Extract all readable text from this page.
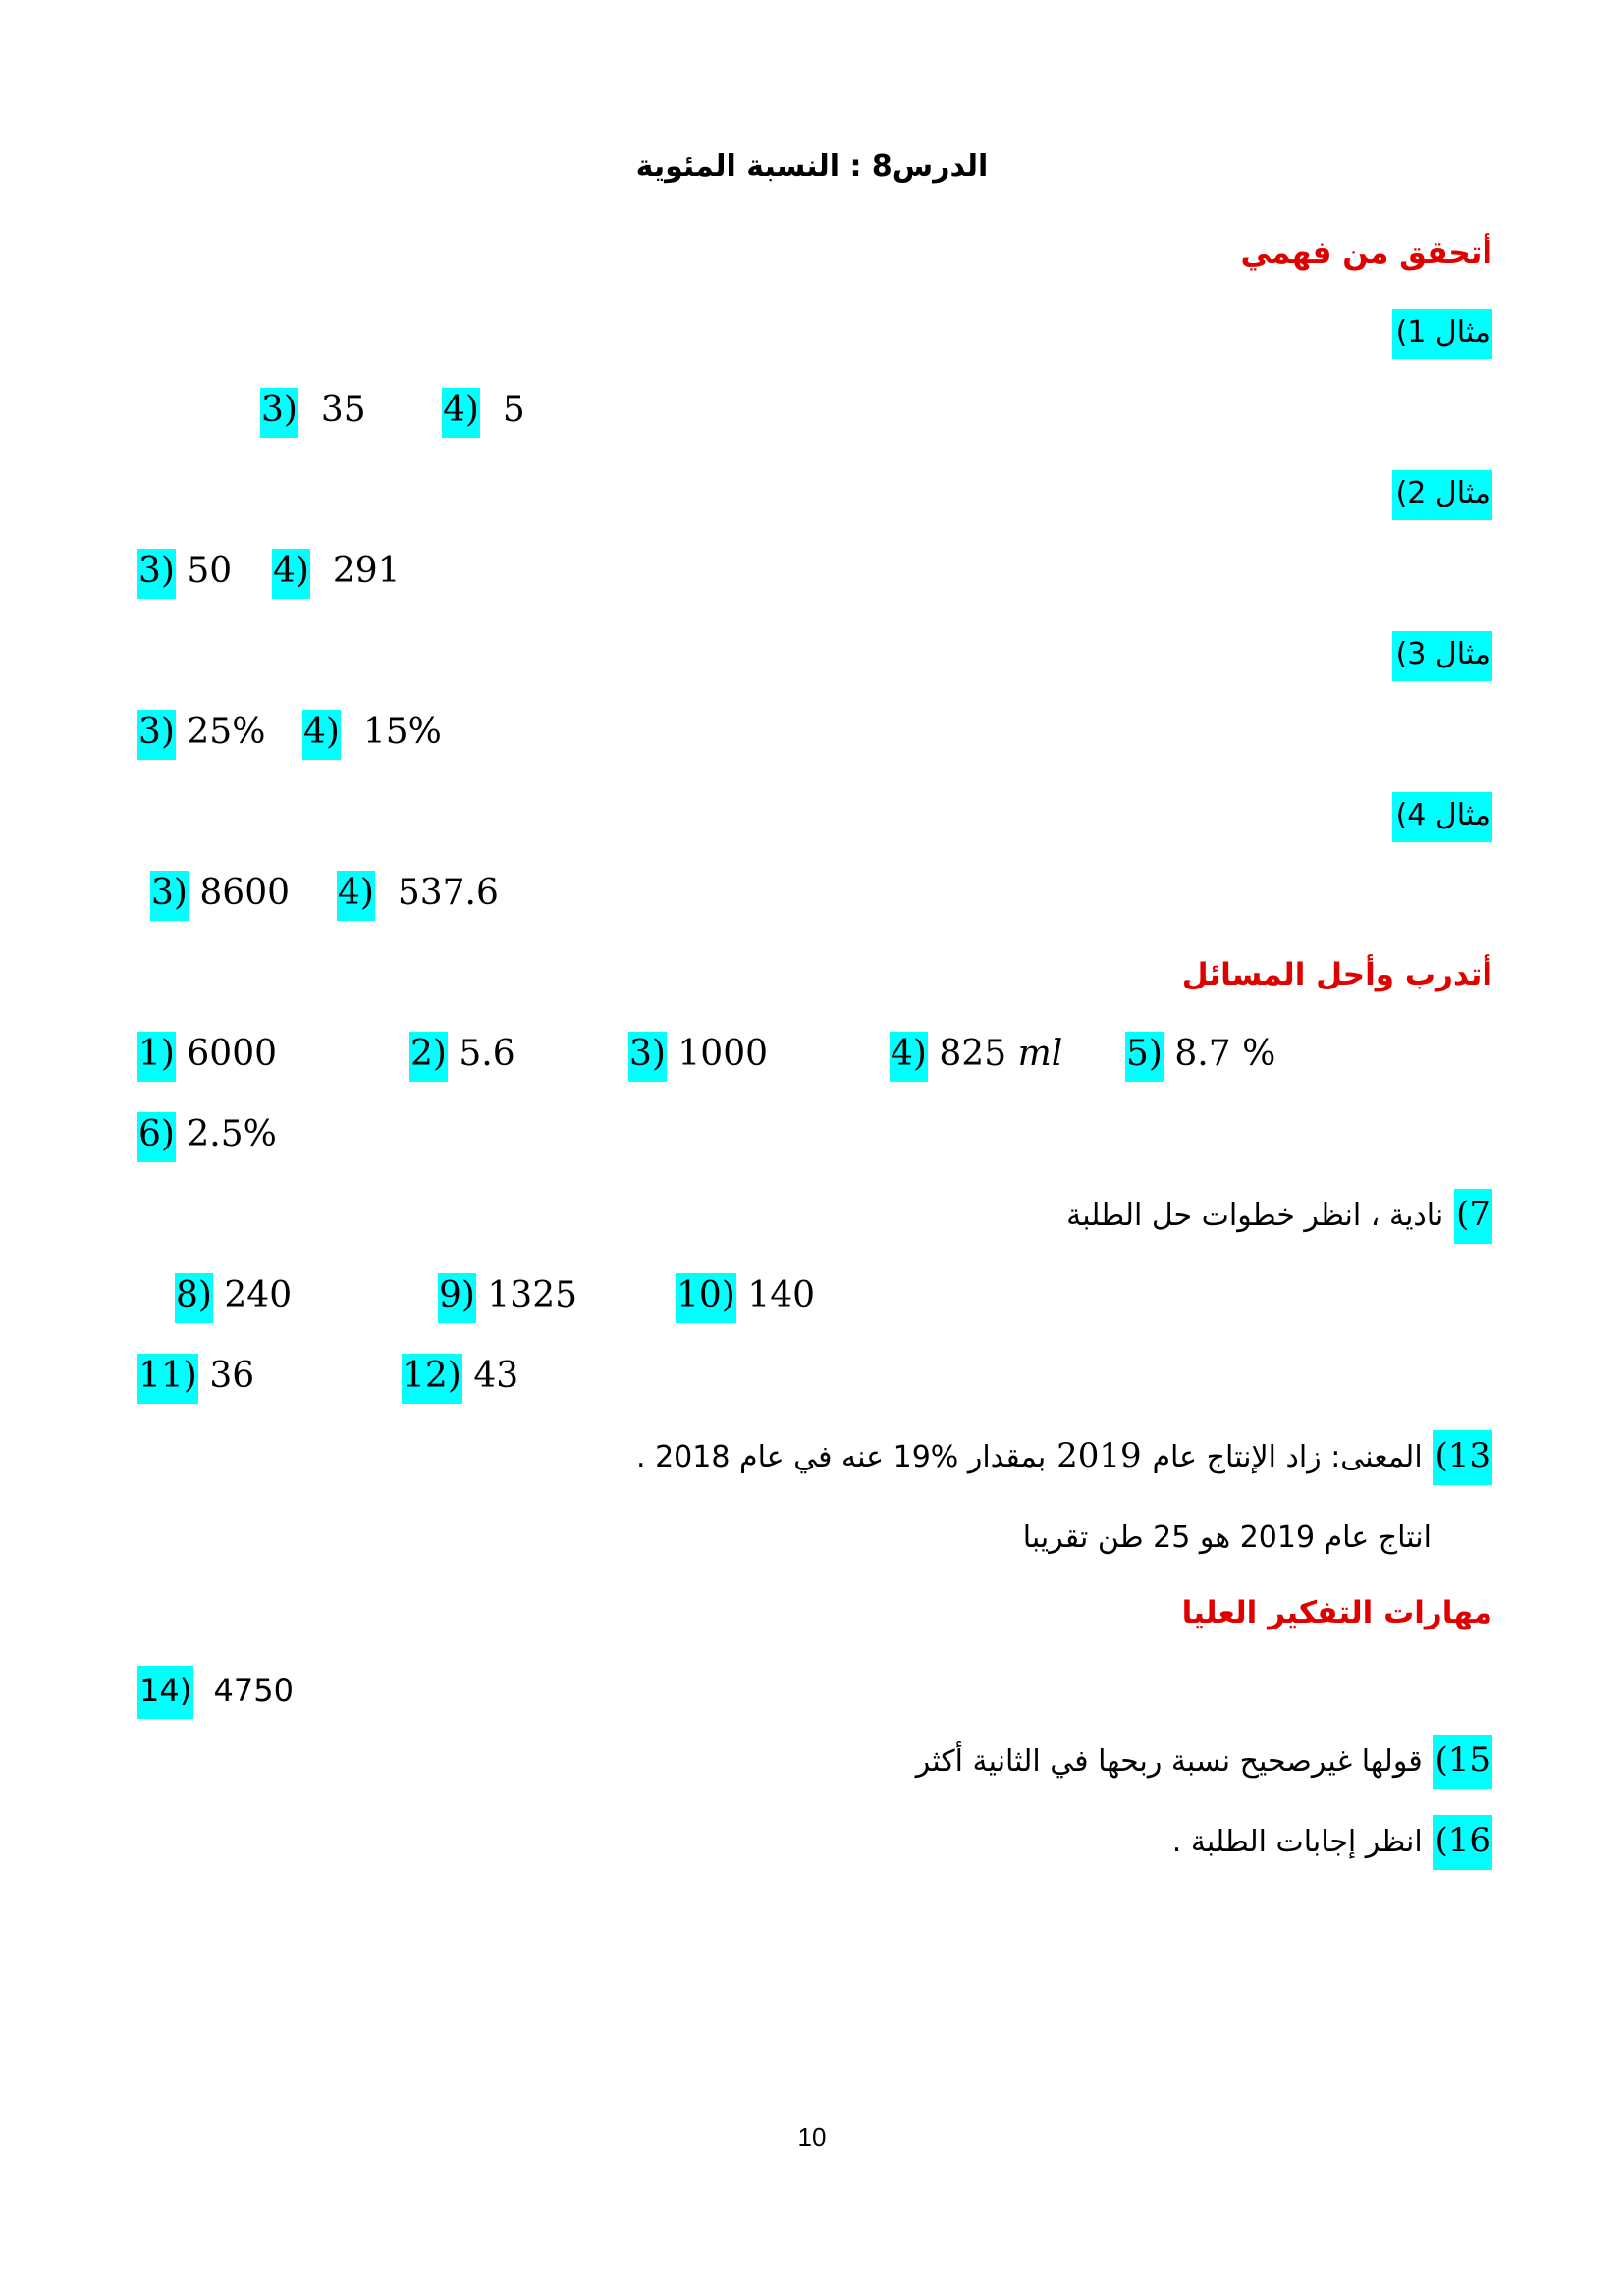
الدرس8 : النسبة المئوية
أتحقق من فهمي
مثال 1)
3) 35 4) 5
مثال 2)
3) 50 4) 291
مثال 3)
3) 25% 4) 15%
مثال 4)
3) 8600 4) 537.6
أتدرب وأحل المسائل
1) 6000	2) 5.6	3) 1000	4) 825 ml 5) 8.7 %
6) 2.5%
7) نادية ، انظر خطوات حل الطلبة
8) 240	9) 1325	10) 140
11) 36	12) 43
13) المعنى: زاد الإنتاج عام 2019 بمقدار %19 عنه في عام 2018 .
انتاج عام 2019 هو 25 طن تقريبا
مهارات التفكير العليا
14) 4750
15) قولها غيرصحيح نسبة ربحها في الثانية أكثر
16) انظر إجابات الطلبة .
10
